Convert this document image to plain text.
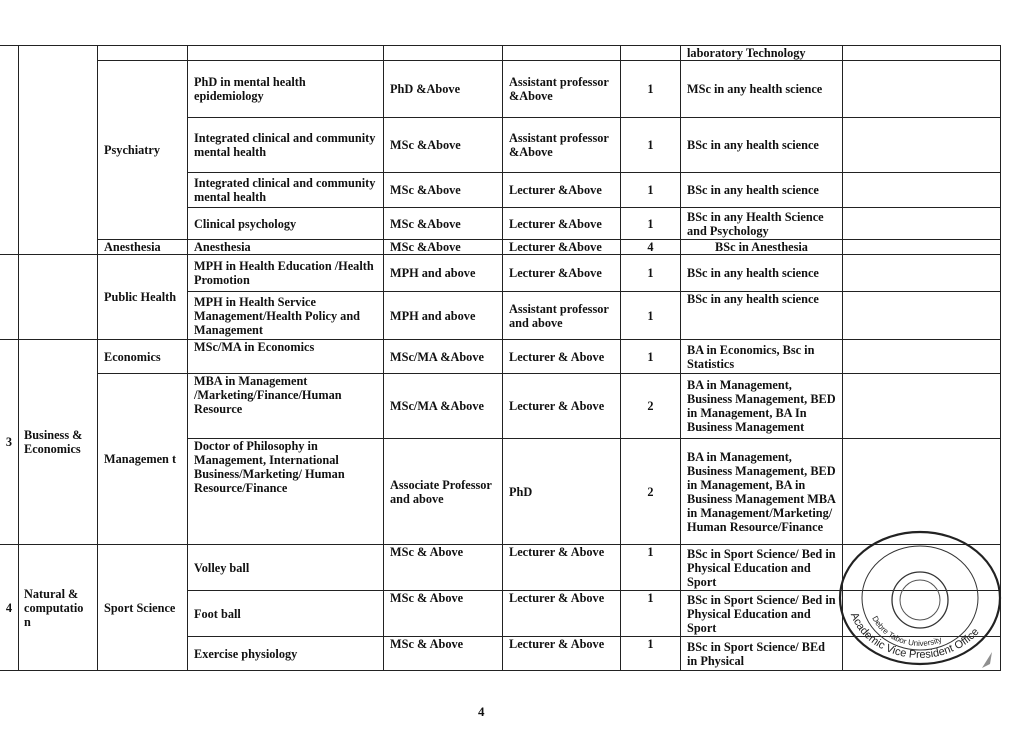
							laboratory Technology	
		Psychiatry	PhD in mental health epidemiology	PhD &Above	Assistant professor &Above	1	MSc in any health science	
			Integrated clinical and community mental health	MSc &Above	Assistant professor &Above	1	BSc in any health science	
			Integrated clinical and community mental health	MSc &Above	Lecturer &Above	1	BSc in any health science	
			Clinical psychology	MSc &Above	Lecturer &Above	1	BSc in any Health Science and Psychology	
		Anesthesia	Anesthesia	MSc &Above	Lecturer &Above	4	BSc in Anesthesia	
		Public Health	MPH in Health Education /Health Promotion	MPH and above	Lecturer &Above	1	BSc in any health science	
			MPH in Health Service Management/Health Policy and Management	MPH and above	Assistant professor and above	1	BSc in any health science	
3	Business & Economics	Economics	MSc/MA in Economics	MSc/MA &Above	Lecturer & Above	1	BA in Economics, Bsc in Statistics	
		Managemen t	MBA in Management /Marketing/Finance/Human Resource	MSc/MA &Above	Lecturer & Above	2	BA in Management, Business Management, BED in Management, BA In Business Management	
			Doctor of Philosophy in Management, International Business/Marketing/ Human Resource/Finance	Associate Professor and above	PhD	2	BA in Management, Business Management, BED in Management, BA in Business Management MBA in Management/Marketing/ Human Resource/Finance	
4	Natural & computatio n	Sport Science	Volley ball	MSc & Above	Lecturer & Above	1	BSc in Sport Science/ Bed in Physical Education and Sport	
			Foot ball	MSc & Above	Lecturer & Above	1	BSc in Sport Science/ Bed in Physical Education and Sport	
			Exercise physiology	MSc & Above	Lecturer & Above	1	BSc in Sport Science/ BEd in Physical	
Academic Vice President Office
Debre Tabor University
4
